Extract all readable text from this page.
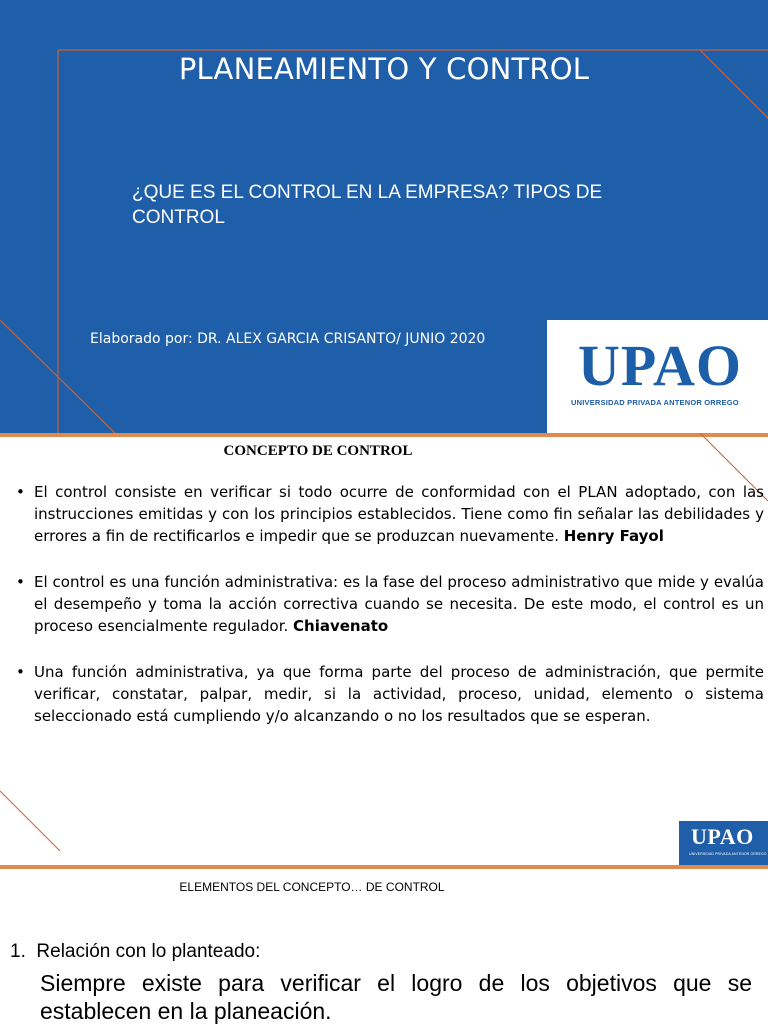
PLANEAMIENTO Y CONTROL
¿QUE ES EL CONTROL EN LA EMPRESA? TIPOS DE CONTROL
Elaborado por: DR. ALEX GARCIA CRISANTO/ JUNIO 2020 UPAO
UNIVERSIDAD PRIVADA ANTENOR ORREGO
CONCEPTO DE CONTROL
• El control consiste en verificar si todo ocurre de conformidad con el PLAN adoptado, con las instrucciones emitidas y con los principios establecidos. Tiene como fin señalar las debilidades y errores a fin de rectificarlos e impedir que se produzcan nuevamente. Henry Fayol
• El control es una función administrativa: es la fase del proceso administrativo que mide y evalúa el desempeño y toma la acción correctiva cuando se necesita. De este modo, el control es un proceso esencialmente regulador. Chiavenato
• Una función administrativa, ya que forma parte del proceso de administración, que permite verificar, constatar, palpar, medir, si la actividad, proceso, unidad, elemento o sistema seleccionado está cumpliendo y/o alcanzando o no los resultados que se esperan.
UPAO
UNIVERSIDAD PRIVADA ANTENOR ORREGO
ELEMENTOS DEL CONCEPTO… DE CONTROL
1. Relación con lo planteado:
Siempre existe para verificar el logro de los objetivos que se establecen en la planeación.
